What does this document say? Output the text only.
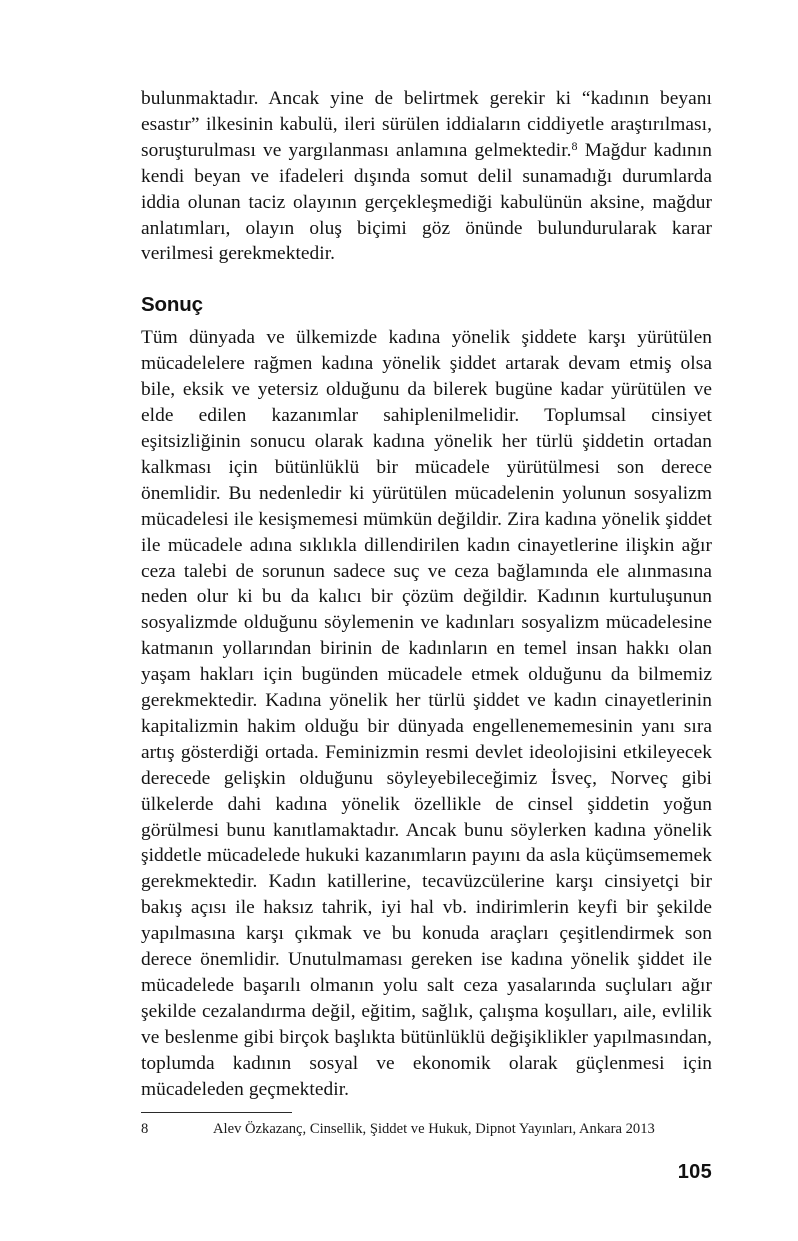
bulunmaktadır. Ancak yine de belirtmek gerekir ki “kadının beyanı esastır” ilkesinin kabulü, ileri sürülen iddiaların ciddiyetle araştırılması, soruşturulması ve yargılanması anlamına gelmektedir.$^8$ Mağdur kadının kendi beyan ve ifadeleri dışında somut delil sunamadığı durumlarda iddia olunan taciz olayının gerçekleşmediği kabulünün aksine, mağdur anlatımları, olayın oluş biçimi göz önünde bulundurularak karar verilmesi gerekmektedir.

Sonuç

Tüm dünyada ve ülkemizde kadına yönelik şiddete karşı yürütülen mücadelelere rağmen kadına yönelik şiddet artarak devam etmiş olsa bile, eksik ve yetersiz olduğunu da bilerek bugüne kadar yürütülen ve elde edilen kazanımlar sahiplenilmelidir. Toplumsal cinsiyet eşitsizliğinin sonucu olarak kadına yönelik her türlü şiddetin ortadan kalkması için bütünlüklü bir mücadele yürütülmesi son derece önemlidir. Bu nedenledir ki yürütülen mücadelenin yolunun sosyalizm mücadelesi ile kesişmemesi mümkün değildir. Zira kadına yönelik şiddet ile mücadele adına sıklıkla dillendirilen kadın cinayetlerine ilişkin ağır ceza talebi de sorunun sadece suç ve ceza bağlamında ele alınmasına neden olur ki bu da kalıcı bir çözüm değildir. Kadının kurtuluşunun sosyalizmde olduğunu söylemenin ve kadınları sosyalizm mücadelesine katmanın yollarından birinin de kadınların en temel insan hakkı olan yaşam hakları için bugünden mücadele etmek olduğunu da bilmemiz gerekmektedir. Kadına yönelik her türlü şiddet ve kadın cinayetlerinin kapitalizmin hakim olduğu bir dünyada engellenememesinin yanı sıra artış gösterdiği ortada. Feminizmin resmi devlet ideolojisini etkileyecek derecede gelişkin olduğunu söyleyebileceğimiz İsveç, Norveç gibi ülkelerde dahi kadına yönelik özellikle de cinsel şiddetin yoğun görülmesi bunu kanıtlamaktadır. Ancak bunu söylerken kadına yönelik şiddetle mücadelede hukuki kazanımların payını da asla küçümsememek gerekmektedir. Kadın katillerine, tecavüzcülerine karşı cinsiyetçi bir bakış açısı ile haksız tahrik, iyi hal vb. indirimlerin keyfi bir şekilde yapılmasına karşı çıkmak ve bu konuda araçları çeşitlendirmek son derece önemlidir. Unutulmaması gereken ise kadına yönelik şiddet ile mücadelede başarılı olmanın yolu salt ceza yasalarında suçluları ağır şekilde cezalandırma değil, eğitim, sağlık, çalışma koşulları, aile, evlilik ve beslenme gibi birçok başlıkta bütünlüklü değişiklikler yapılmasından, toplumda kadının sosyal ve ekonomik olarak güçlenmesi için mücadeleden geçmektedir.

8	Alev Özkazanç, Cinsellik, Şiddet ve Hukuk, Dipnot Yayınları, Ankara 2013
105
